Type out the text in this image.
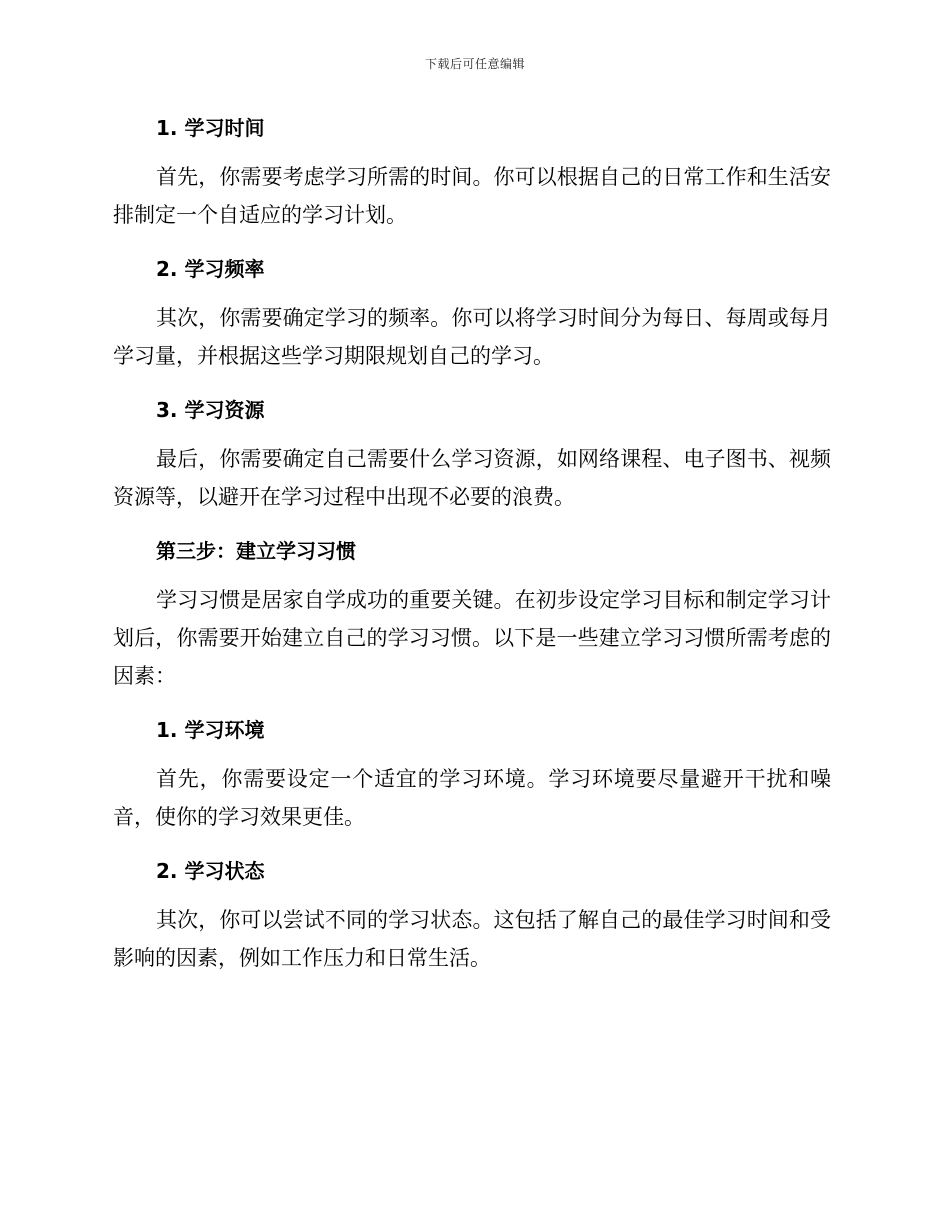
下载后可任意编辑
1. 学习时间

首先，你需要考虑学习所需的时间。你可以根据自己的日常工作和生活安排制定一个自适应的学习计划。

2. 学习频率

其次，你需要确定学习的频率。你可以将学习时间分为每日、每周或每月学习量，并根据这些学习期限规划自己的学习。

3. 学习资源

最后，你需要确定自己需要什么学习资源，如网络课程、电子图书、视频资源等，以避开在学习过程中出现不必要的浪费。

第三步：建立学习习惯

学习习惯是居家自学成功的重要关键。在初步设定学习目标和制定学习计划后，你需要开始建立自己的学习习惯。以下是一些建立学习习惯所需考虑的因素：

1. 学习环境

首先，你需要设定一个适宜的学习环境。学习环境要尽量避开干扰和噪音，使你的学习效果更佳。

2. 学习状态

其次，你可以尝试不同的学习状态。这包括了解自己的最佳学习时间和受影响的因素，例如工作压力和日常生活。
